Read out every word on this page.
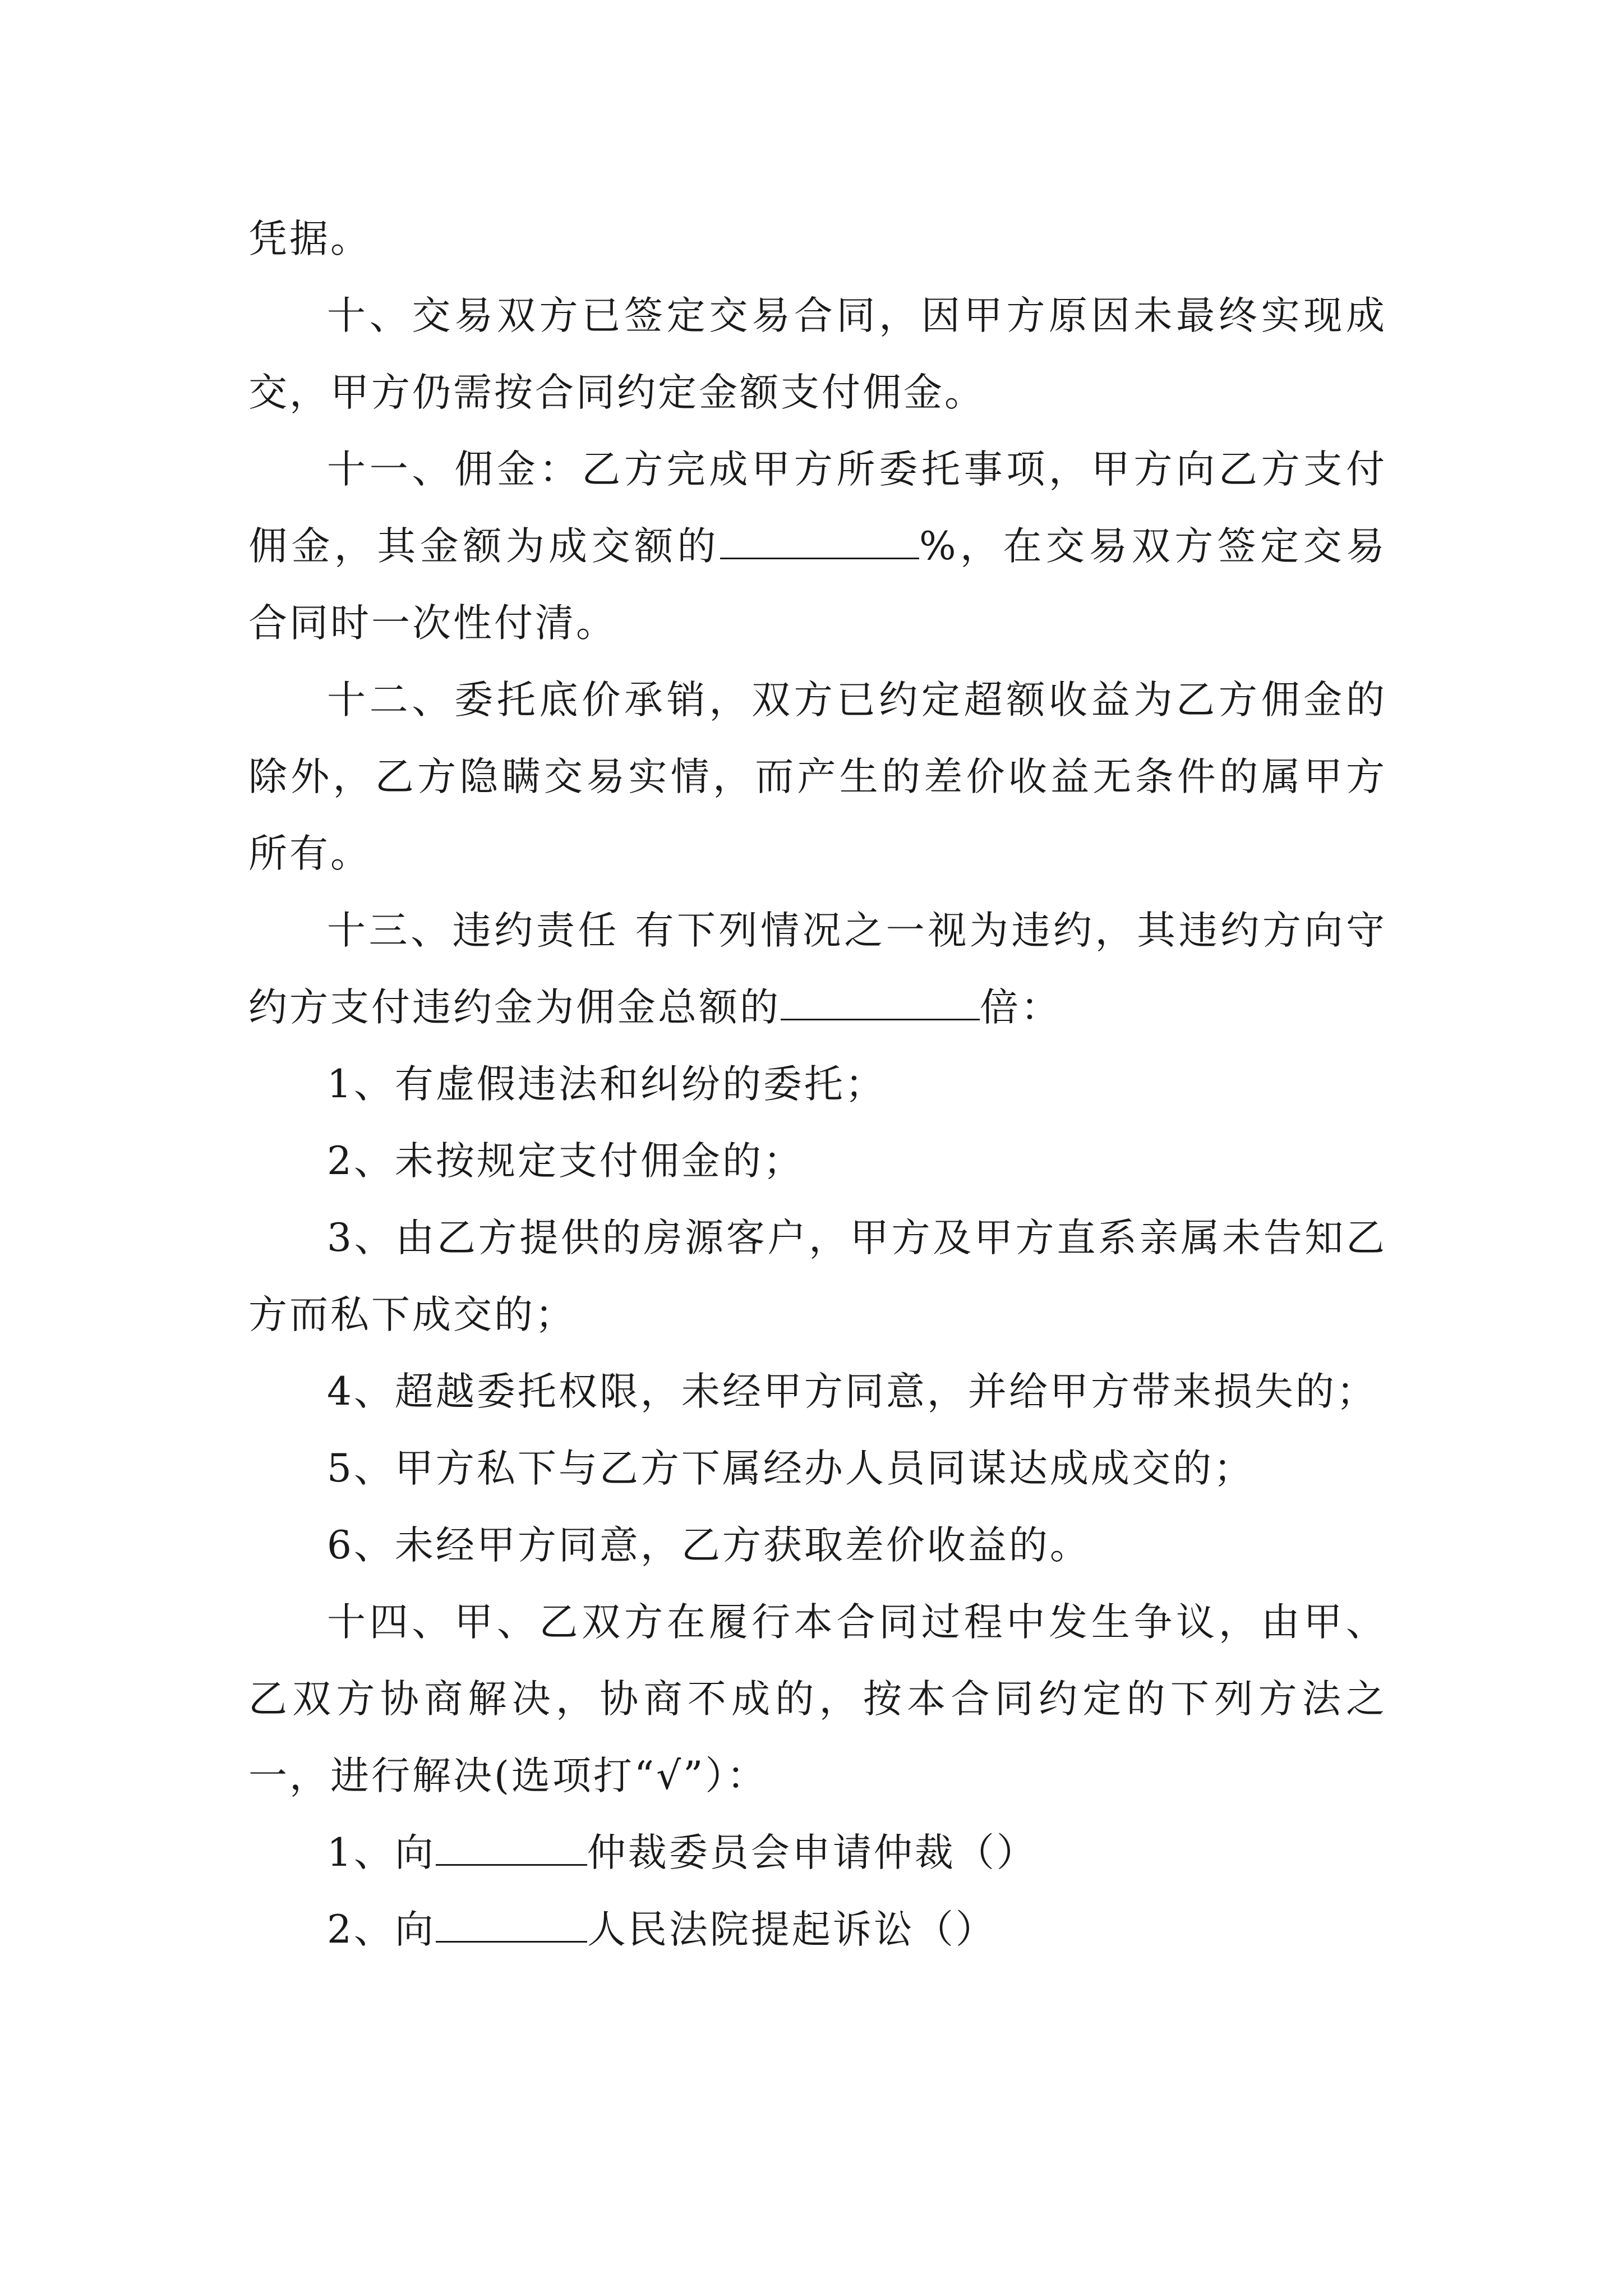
凭据。

十、交易双方已签定交易合同，因甲方原因未最终实现成交，甲方仍需按合同约定金额支付佣金。

十一、佣金：乙方完成甲方所委托事项，甲方向乙方支付佣金，其金额为成交额的	%，在交易双方签定交易合同时一次性付清。

十二、委托底价承销，双方已约定超额收益为乙方佣金的除外，乙方隐瞒交易实情，而产生的差价收益无条件的属甲方所有。

十三、违约责任 有下列情况之一视为违约，其违约方向守约方支付违约金为佣金总额的	倍：

1、有虚假违法和纠纷的委托；

2、未按规定支付佣金的；

3、由乙方提供的房源客户，甲方及甲方直系亲属未告知乙方而私下成交的；

4、超越委托权限，未经甲方同意，并给甲方带来损失的；

5、甲方私下与乙方下属经办人员同谋达成成交的；

6、未经甲方同意，乙方获取差价收益的。

十四、甲、乙双方在履行本合同过程中发生争议，由甲、乙双方协商解决，协商不成的，按本合同约定的下列方法之一，进行解决(选项打“√”）：

1、向	仲裁委员会申请仲裁（）

2、向	人民法院提起诉讼（）
